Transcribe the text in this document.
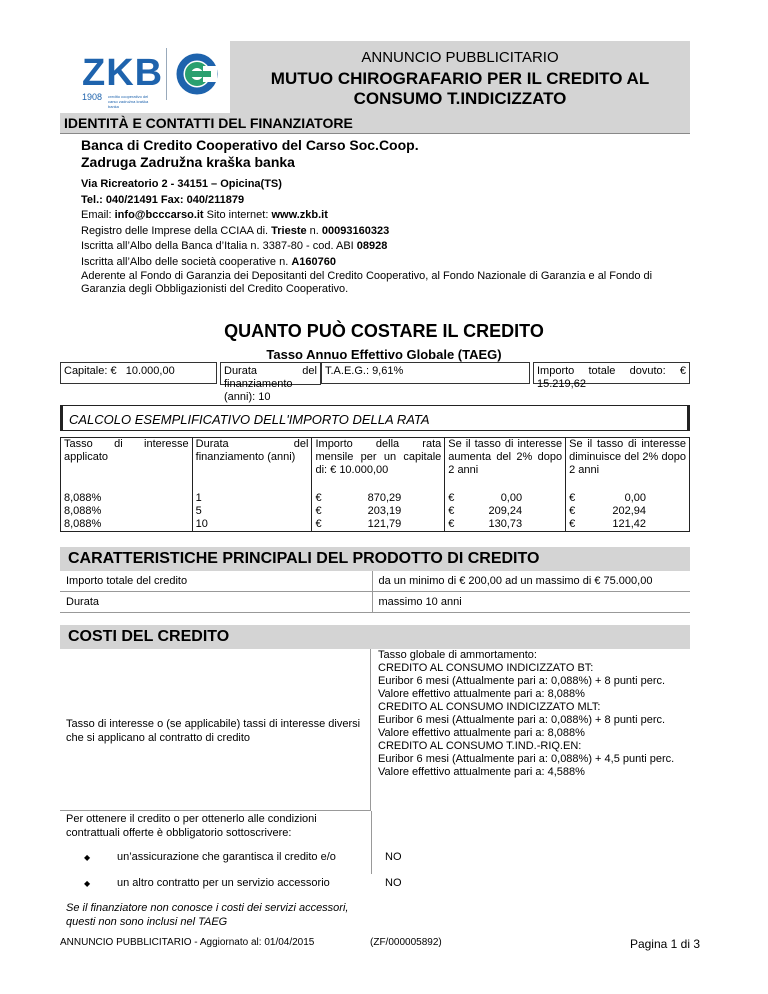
ZKB
1908 credito cooperativo del carso zadružna kraška banka
ANNUNCIO PUBBLICITARIO
MUTUO CHIROGRAFARIO PER IL CREDITO AL
CONSUMO T.INDICIZZATO
IDENTITÀ E CONTATTI DEL FINANZIATORE
Banca di Credito Cooperativo del Carso Soc.Coop.
Zadruga Zadružna kraška banka
Via Ricreatorio 2 - 34151 – Opicina(TS)
Tel.: 040/21491 Fax: 040/211879
Email: info@bcccarso.it Sito internet: www.zkb.it
Registro delle Imprese della CCIAA di. Trieste n. 00093160323
Iscritta all’Albo della Banca d’Italia n. 3387-80 - cod. ABI 08928
Iscritta all’Albo delle società cooperative n. A160760
Aderente al Fondo di Garanzia dei Depositanti del Credito Cooperativo, al Fondo Nazionale di Garanzia e al Fondo di Garanzia degli Obbligazionisti del Credito Cooperativo.
QUANTO PUÒ COSTARE IL CREDITO
Tasso Annuo Effettivo Globale (TAEG)
Capitale: € 10.000,00	Durata del finanziamento (anni): 10
T.A.E.G.: 9,61%	Importo totale dovuto: € 15.219,62
CALCOLO ESEMPLIFICATIVO DELL'IMPORTO DELLA RATA
Tasso di interesse applicato	Durata del finanziamento (anni)	Importo della rata mensile per un capitale di: € 10.000,00	Se il tasso di interesse aumenta del 2% dopo 2 anni	Se il tasso di interesse diminuisce del 2% dopo 2 anni
8,088%	1	€ 870,29	€ 0,00	€ 0,00

8,088%	5	€ 203,19	€ 209,24	€ 202,94

8,088%	10	€ 121,79	€ 130,73	€ 121,42
CARATTERISTICHE PRINCIPALI DEL PRODOTTO DI CREDITO
Importo totale del credito	da un minimo di € 200,00 ad un massimo di € 75.000,00
Durata	massimo 10 anni
COSTI DEL CREDITO
Tasso di interesse o (se applicabile) tassi di interesse diversi che si applicano al contratto di credito
Tasso globale di ammortamento:
CREDITO AL CONSUMO INDICIZZATO BT:
Euribor 6 mesi (Attualmente pari a: 0,088%) + 8 punti perc.
Valore effettivo attualmente pari a: 8,088%
CREDITO AL CONSUMO INDICIZZATO MLT:
Euribor 6 mesi (Attualmente pari a: 0,088%) + 8 punti perc.
Valore effettivo attualmente pari a: 8,088%
CREDITO AL CONSUMO T.IND.-RIQ.EN:
Euribor 6 mesi (Attualmente pari a: 0,088%) + 4,5 punti perc.
Valore effettivo attualmente pari a: 4,588%
Per ottenere il credito o per ottenerlo alle condizioni contrattuali offerte è obbligatorio sottoscrivere:
◆ un’assicurazione che garantisca il credito e/o	NO
◆ un altro contratto per un servizio accessorio	NO
Se il finanziatore non conosce i costi dei servizi accessori, questi non sono inclusi nel TAEG
ANNUNCIO PUBBLICITARIO - Aggiornato al: 01/04/2015	(ZF/000005892)	Pagina 1 di 3
